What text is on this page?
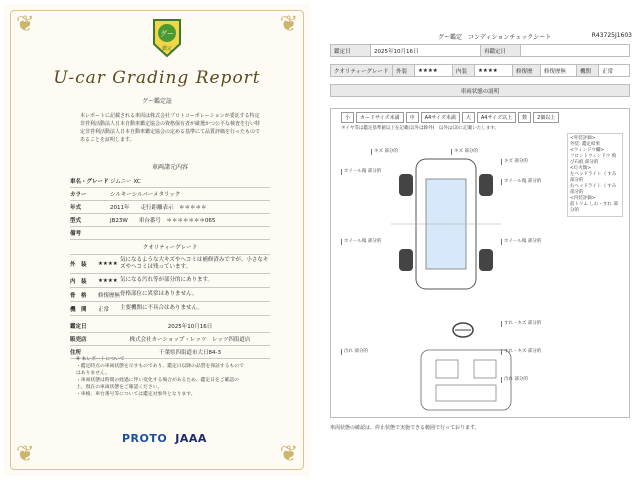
❦	❦
❦	❦
グー
鑑定
U-car Grading Report
グー鑑定証
本レポートに記載される車両は株式会社プロトコーポレーションが委託する特定非営利活動法人日本自動車鑑定協会の資格保有者が厳選かつ公平な検査を行い特定非営利活動法人日本自動車鑑定協会の定める基準にて品質評価を行ったものであることを証明します。
車両諸元内容
車名・グレード ジムニー XC
カラー	シルキーシルバーメタリック
年式	2011年　　走行距離表示　＊＊＊＊＊
型式	JB23W　　車台番号　＊＊＊＊＊＊＊065
備考
クオリティーグレード
外　装	★★★★
気になるような大キズやヘコミは補修済みですが、小さなキズやヘコミは残っています。
内　装	★★★★ 気になる汚れ等が部分的にあります。
骨　格	修復歴無 骨格部位に異常はありません。
機　関	正常	主要機関に不具合はありません。
鑑定日	2025年10月16日
販売店	株式会社カーショップ・レッツ　レッツ四街道店
住所	千葉県四街道市大日84-3
※ 本レポートについて
・鑑定時点の車両状態を示すものであり、鑑定日以降の品質を保証するものではありません。
・車両状態は時間の経過に伴い変化する場合があるため、鑑定日をご確認の上、現在の車両状態をご確認ください。
・車検、車台番号等については鑑定対象外となります。
PROTO JAAA
グー鑑定　コンディションチェックシート	R43725J1603
鑑定日	2025年10月16日	再鑑定日
クオリティーグレード	外装	★★★★	内装	★★★★	修復歴	修復歴無	機関	正常
車両状態の説明
小	カードサイズ未満	中	A4サイズ未満	大	A4サイズ以上	数	2個以上
タイヤ等は鑑定基準値以上を記載(以外は除外)　以外は(3)に記載いたします。
キズ 部分的	キズ 部分的
キズ 部分的
ホイール傷 部分的
ホイール傷 部分的
ホイール傷 部分的	ホイール傷 部分的
すれ・キズ 部分的
すれ・キズ 部分的
汚れ 部分的
汚れ 部分的
<外装評価>
外装: 鑑定結果
<ウィンドウ欄>
フロントウィンドウ 飛び石痕 部分的
<灯火類>
左ヘッドライト くすみ 部分的
右ヘッドライト くすみ 部分的
<内装評価>
前トリム しわ・すれ 部分的
車両状態の確認は、停止状態で実施できる範囲で行っております。
